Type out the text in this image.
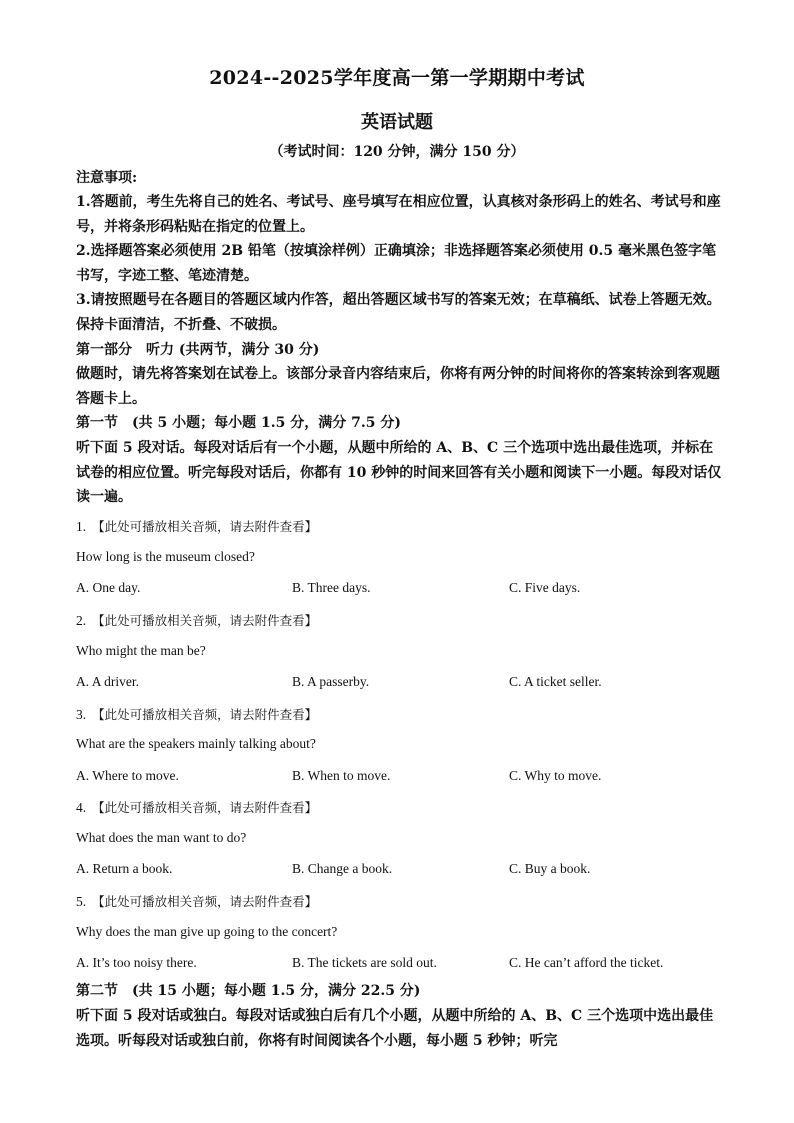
2024--2025学年度高一第一学期期中考试
英语试题
（考试时间：120 分钟，满分 150 分）

注意事项:

1.答题前，考生先将自己的姓名、考试号、座号填写在相应位置，认真核对条形码上的姓名、考试号和座号，并将条形码粘贴在指定的位置上。

2.选择题答案必须使用 2B 铅笔（按填涂样例）正确填涂；非选择题答案必须使用 0.5 毫米黑色签字笔书写，字迹工整、笔迹清楚。

3.请按照题号在各题目的答题区域内作答，超出答题区域书写的答案无效；在草稿纸、试卷上答题无效。保持卡面清洁，不折叠、不破损。

第一部分　听力 (共两节，满分 30 分)

做题时，请先将答案划在试卷上。该部分录音内容结束后，你将有两分钟的时间将你的答案转涂到客观题答题卡上。

第一节　(共 5 小题；每小题 1.5 分，满分 7.5 分)

听下面 5 段对话。每段对话后有一个小题，从题中所给的 A、B、C 三个选项中选出最佳选项，并标在试卷的相应位置。听完每段对话后，你都有 10 秒钟的时间来回答有关小题和阅读下一小题。每段对话仅读一遍。

1. 【此处可播放相关音频，请去附件查看】
How long is the museum closed?
A. One day.	B. Three days.	C. Five days.
2. 【此处可播放相关音频，请去附件查看】
Who might the man be?
A. A driver.	B. A passerby.	C. A ticket seller.
3. 【此处可播放相关音频，请去附件查看】
What are the speakers mainly talking about?
A. Where to move.	B. When to move.	C. Why to move.
4. 【此处可播放相关音频，请去附件查看】
What does the man want to do?
A. Return a book.	B. Change a book.	C. Buy a book.
5. 【此处可播放相关音频，请去附件查看】
Why does the man give up going to the concert?
A. It’s too noisy there.	B. The tickets are sold out.	C. He can’t afford the ticket.

第二节　(共 15 小题；每小题 1.5 分，满分 22.5 分)

听下面 5 段对话或独白。每段对话或独白后有几个小题，从题中所给的 A、B、C 三个选项中选出最佳选项。听每段对话或独白前，你将有时间阅读各个小题，每小题 5 秒钟；听完
